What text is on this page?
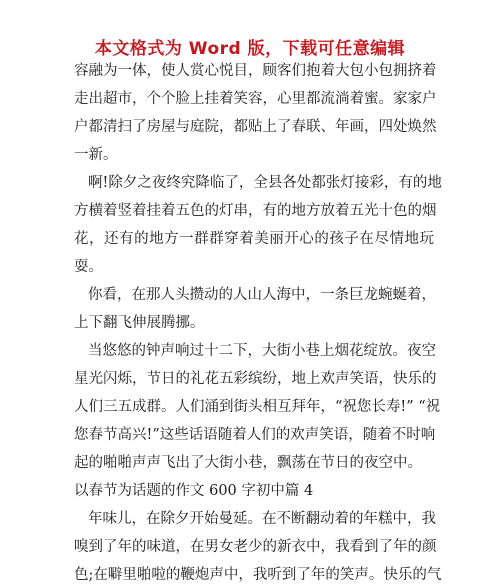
本文格式为 Word 版，下载可任意编辑
容融为一体，使人赏心悦目，顾客们抱着大包小包拥挤着
走出超市，个个脸上挂着笑容，心里都流淌着蜜。家家户
户都清扫了房屋与庭院，都贴上了春联、年画，四处焕然
一新。
啊!除夕之夜终究降临了，全县各处都张灯接彩，有的地
方横着竖着挂着五色的灯串，有的地方放着五光十色的烟
花，还有的地方一群群穿着美丽开心的孩子在尽情地玩
耍。
你看，在那人头攒动的人山人海中，一条巨龙蜿蜒着，
上下翻飞伸展腾挪。
当悠悠的钟声响过十二下，大街小巷上烟花绽放。夜空
星光闪烁，节日的礼花五彩缤纷，地上欢声笑语，快乐的
人们三五成群。人们涌到街头相互拜年，“祝您长寿!” “祝
您春节高兴!”这些话语随着人们的欢声笑语，随着不时响
起的啪啪声声飞出了大街小巷，飘荡在节日的夜空中。
以春节为话题的作文 600 字初中篇 4
年味儿，在除夕开始曼延。在不断翻动着的年糕中，我
嗅到了年的味道，在男女老少的新衣中，我看到了年的颜
色;在噼里啪啦的鞭炮声中，我听到了年的笑声。快乐的气
